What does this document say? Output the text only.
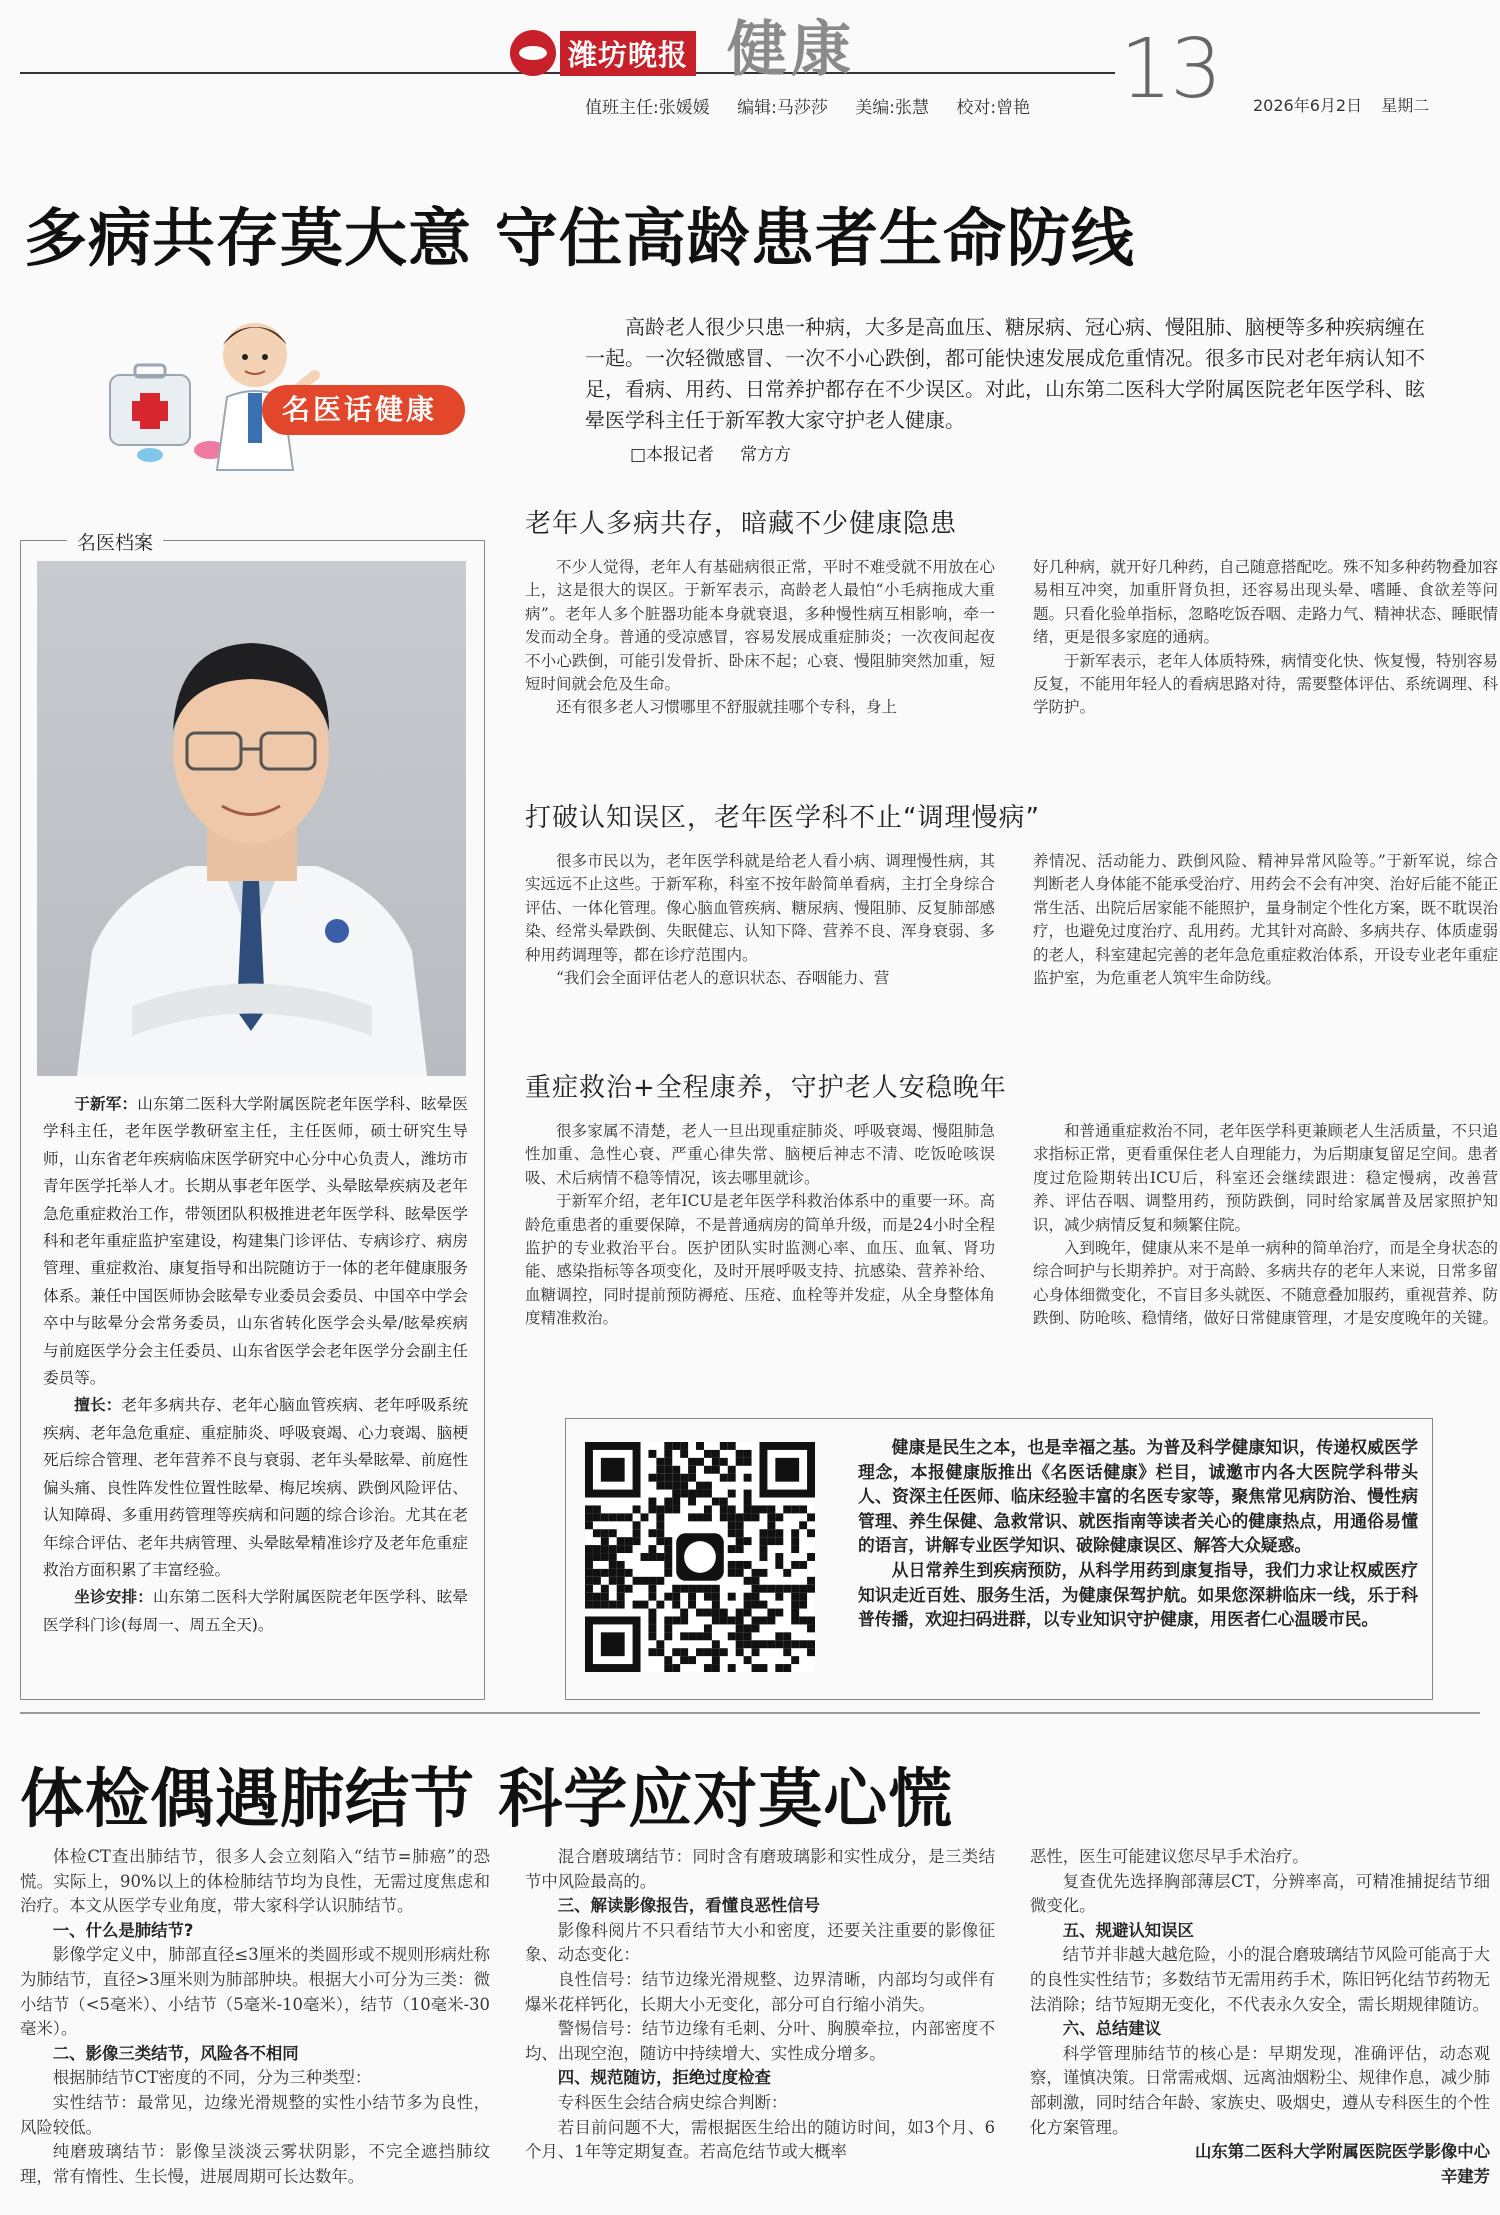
潍坊晚报 健康	13
值班主任:张媛媛 编辑:马莎莎 美编:张慧 校对:曾艳	2026年6月2日 星期二
多病共存莫大意 守住高龄患者生命防线
名医话健康
高龄老人很少只患一种病，大多是高血压、糖尿病、冠心病、慢阻肺、脑梗等多种疾病缠在一起。一次轻微感冒、一次不小心跌倒，都可能快速发展成危重情况。很多市民对老年病认知不足，看病、用药、日常养护都存在不少误区。对此，山东第二医科大学附属医院老年医学科、眩晕医学科主任于新军教大家守护老人健康。
□本报记者 常方方
名医档案

于新军：山东第二医科大学附属医院老年医学科、眩晕医学科主任，老年医学教研室主任，主任医师，硕士研究生导师，山东省老年疾病临床医学研究中心分中心负责人，潍坊市青年医学托举人才。长期从事老年医学、头晕眩晕疾病及老年急危重症救治工作，带领团队积极推进老年医学科、眩晕医学科和老年重症监护室建设，构建集门诊评估、专病诊疗、病房管理、重症救治、康复指导和出院随访于一体的老年健康服务体系。兼任中国医师协会眩晕专业委员会委员、中国卒中学会卒中与眩晕分会常务委员，山东省转化医学会头晕/眩晕疾病与前庭医学分会主任委员、山东省医学会老年医学分会副主任委员等。

擅长：老年多病共存、老年心脑血管疾病、老年呼吸系统疾病、老年急危重症、重症肺炎、呼吸衰竭、心力衰竭、脑梗死后综合管理、老年营养不良与衰弱、老年头晕眩晕、前庭性偏头痛、良性阵发性位置性眩晕、梅尼埃病、跌倒风险评估、认知障碍、多重用药管理等疾病和问题的综合诊治。尤其在老年综合评估、老年共病管理、头晕眩晕精准诊疗及老年危重症救治方面积累了丰富经验。

坐诊安排：山东第二医科大学附属医院老年医学科、眩晕医学科门诊(每周一、周五全天)。

老年人多病共存，暗藏不少健康隐患

不少人觉得，老年人有基础病很正常，平时不难受就不用放在心上，这是很大的误区。于新军表示，高龄老人最怕“小毛病拖成大重病”。老年人多个脏器功能本身就衰退，多种慢性病互相影响，牵一发而动全身。普通的受凉感冒，容易发展成重症肺炎；一次夜间起夜不小心跌倒，可能引发骨折、卧床不起；心衰、慢阻肺突然加重，短短时间就会危及生命。

还有很多老人习惯哪里不舒服就挂哪个专科，身上

好几种病，就开好几种药，自己随意搭配吃。殊不知多种药物叠加容易相互冲突，加重肝肾负担，还容易出现头晕、嗜睡、食欲差等问题。只看化验单指标，忽略吃饭吞咽、走路力气、精神状态、睡眠情绪，更是很多家庭的通病。

于新军表示，老年人体质特殊，病情变化快、恢复慢，特别容易反复，不能用年轻人的看病思路对待，需要整体评估、系统调理、科学防护。

打破认知误区，老年医学科不止“调理慢病”

很多市民以为，老年医学科就是给老人看小病、调理慢性病，其实远远不止这些。于新军称，科室不按年龄简单看病，主打全身综合评估、一体化管理。像心脑血管疾病、糖尿病、慢阻肺、反复肺部感染、经常头晕跌倒、失眠健忘、认知下降、营养不良、浑身衰弱、多种用药调理等，都在诊疗范围内。

“我们会全面评估老人的意识状态、吞咽能力、营

养情况、活动能力、跌倒风险、精神异常风险等。”于新军说，综合判断老人身体能不能承受治疗、用药会不会有冲突、治好后能不能正常生活、出院后居家能不能照护，量身制定个性化方案，既不耽误治疗，也避免过度治疗、乱用药。尤其针对高龄、多病共存、体质虚弱的老人，科室建起完善的老年急危重症救治体系，开设专业老年重症监护室，为危重老人筑牢生命防线。

重症救治+全程康养，守护老人安稳晚年

很多家属不清楚，老人一旦出现重症肺炎、呼吸衰竭、慢阻肺急性加重、急性心衰、严重心律失常、脑梗后神志不清、吃饭呛咳误吸、术后病情不稳等情况，该去哪里就诊。

于新军介绍，老年ICU是老年医学科救治体系中的重要一环。高龄危重患者的重要保障，不是普通病房的简单升级，而是24小时全程监护的专业救治平台。医护团队实时监测心率、血压、血氧、肾功能、感染指标等各项变化，及时开展呼吸支持、抗感染、营养补给、血糖调控，同时提前预防褥疮、压疮、血栓等并发症，从全身整体角度精准救治。

和普通重症救治不同，老年医学科更兼顾老人生活质量，不只追求指标正常，更看重保住老人自理能力，为后期康复留足空间。患者度过危险期转出ICU后，科室还会继续跟进：稳定慢病，改善营养、评估吞咽、调整用药，预防跌倒，同时给家属普及居家照护知识，减少病情反复和频繁住院。

入到晚年，健康从来不是单一病种的简单治疗，而是全身状态的综合呵护与长期养护。对于高龄、多病共存的老年人来说，日常多留心身体细微变化，不盲目多头就医、不随意叠加服药，重视营养、防跌倒、防呛咳、稳情绪，做好日常健康管理，才是安度晚年的关键。

健康是民生之本，也是幸福之基。为普及科学健康知识，传递权威医学理念，本报健康版推出《名医话健康》栏目，诚邀市内各大医院学科带头人、资深主任医师、临床经验丰富的名医专家等，聚焦常见病防治、慢性病管理、养生保健、急救常识、就医指南等读者关心的健康热点，用通俗易懂的语言，讲解专业医学知识、破除健康误区、解答大众疑惑。

从日常养生到疾病预防，从科学用药到康复指导，我们力求让权威医疗知识走近百姓、服务生活，为健康保驾护航。如果您深耕临床一线，乐于科普传播，欢迎扫码进群，以专业知识守护健康，用医者仁心温暖市民。

体检偶遇肺结节 科学应对莫心慌

体检CT查出肺结节，很多人会立刻陷入“结节=肺癌”的恐慌。实际上，90%以上的体检肺结节均为良性，无需过度焦虑和治疗。本文从医学专业角度，带大家科学认识肺结节。

一、什么是肺结节?

影像学定义中，肺部直径≤3厘米的类圆形或不规则形病灶称为肺结节，直径>3厘米则为肺部肿块。根据大小可分为三类：微小结节（<5毫米）、小结节（5毫米-10毫米），结节（10毫米-30毫米）。

二、影像三类结节，风险各不相同

根据肺结节CT密度的不同，分为三种类型：

实性结节：最常见，边缘光滑规整的实性小结节多为良性，风险较低。

纯磨玻璃结节：影像呈淡淡云雾状阴影，不完全遮挡肺纹理，常有惰性、生长慢，进展周期可长达数年。

混合磨玻璃结节：同时含有磨玻璃影和实性成分，是三类结节中风险最高的。

三、解读影像报告，看懂良恶性信号

影像科阅片不只看结节大小和密度，还要关注重要的影像征象、动态变化：

良性信号：结节边缘光滑规整、边界清晰，内部均匀或伴有爆米花样钙化，长期大小无变化，部分可自行缩小消失。

警惕信号：结节边缘有毛刺、分叶、胸膜牵拉，内部密度不均、出现空泡，随访中持续增大、实性成分增多。

四、规范随访，拒绝过度检查

专科医生会结合病史综合判断：

若目前问题不大，需根据医生给出的随访时间，如3个月、6个月、1年等定期复查。若高危结节或大概率

恶性，医生可能建议您尽早手术治疗。

复查优先选择胸部薄层CT，分辨率高，可精准捕捉结节细微变化。

五、规避认知误区

结节并非越大越危险，小的混合磨玻璃结节风险可能高于大的良性实性结节；多数结节无需用药手术，陈旧钙化结节药物无法消除；结节短期无变化，不代表永久安全，需长期规律随访。

六、总结建议

科学管理肺结节的核心是：早期发现，准确评估，动态观察，谨慎决策。日常需戒烟、远离油烟粉尘、规律作息，减少肺部刺激，同时结合年龄、家族史、吸烟史，遵从专科医生的个性化方案管理。

山东第二医科大学附属医院医学影像中心

辛建芳
